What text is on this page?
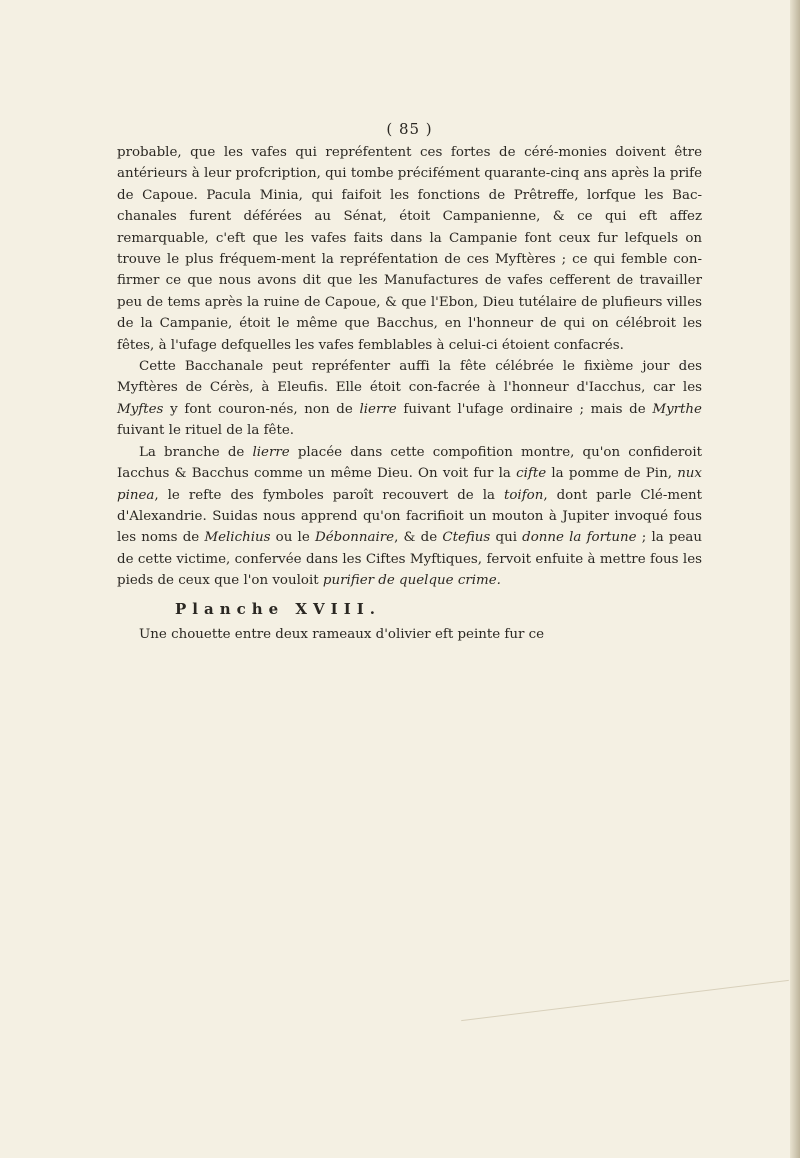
( 85 )

probable, que les vafes qui repréfentent ces fortes de céré-monies doivent être antérieurs à leur profcription, qui tombe précifément quarante-cinq ans après la prife de Capoue. Pacula Minia, qui faifoit les fonctions de Prêtreffe, lorfque les Bac-chanales furent déférées au Sénat, étoit Campanienne, & ce qui eft affez remarquable, c'eft que les vafes faits dans la Campanie font ceux fur lefquels on trouve le plus fréquem-ment la repréfentation de ces Myftères ; ce qui femble con-firmer ce que nous avons dit que les Manufactures de vafes cefferent de travailler peu de tems après la ruine de Capoue, & que l'Ebon, Dieu tutélaire de plufieurs villes de la Campanie, étoit le même que Bacchus, en l'honneur de qui on célébroit les fêtes, à l'ufage defquelles les vafes femblables à celui-ci étoient confacrés.

Cette Bacchanale peut repréfenter auffi la fête célébrée le fixième jour des Myftères de Cérès, à Eleufis. Elle étoit con-facrée à l'honneur d'Iacchus, car les Myftes y font couron-nés, non de lierre fuivant l'ufage ordinaire ; mais de Myrthe fuivant le rituel de la fête.

La branche de lierre placée dans cette compofition montre, qu'on confideroit Iacchus & Bacchus comme un même Dieu. On voit fur la cifte la pomme de Pin, nux pinea, le refte des fymboles paroît recouvert de la toifon, dont parle Clé-ment d'Alexandrie. Suidas nous apprend qu'on facrifioit un mouton à Jupiter invoqué fous les noms de Melichius ou le Débonnaire, & de Ctefius qui donne la fortune ; la peau de cette victime, confervée dans les Ciftes Myftiques, fervoit enfuite à mettre fous les pieds de ceux que l'on vouloit purifier de quelque crime.

Planche XVIII.

Une chouette entre deux rameaux d'olivier eft peinte fur ce
